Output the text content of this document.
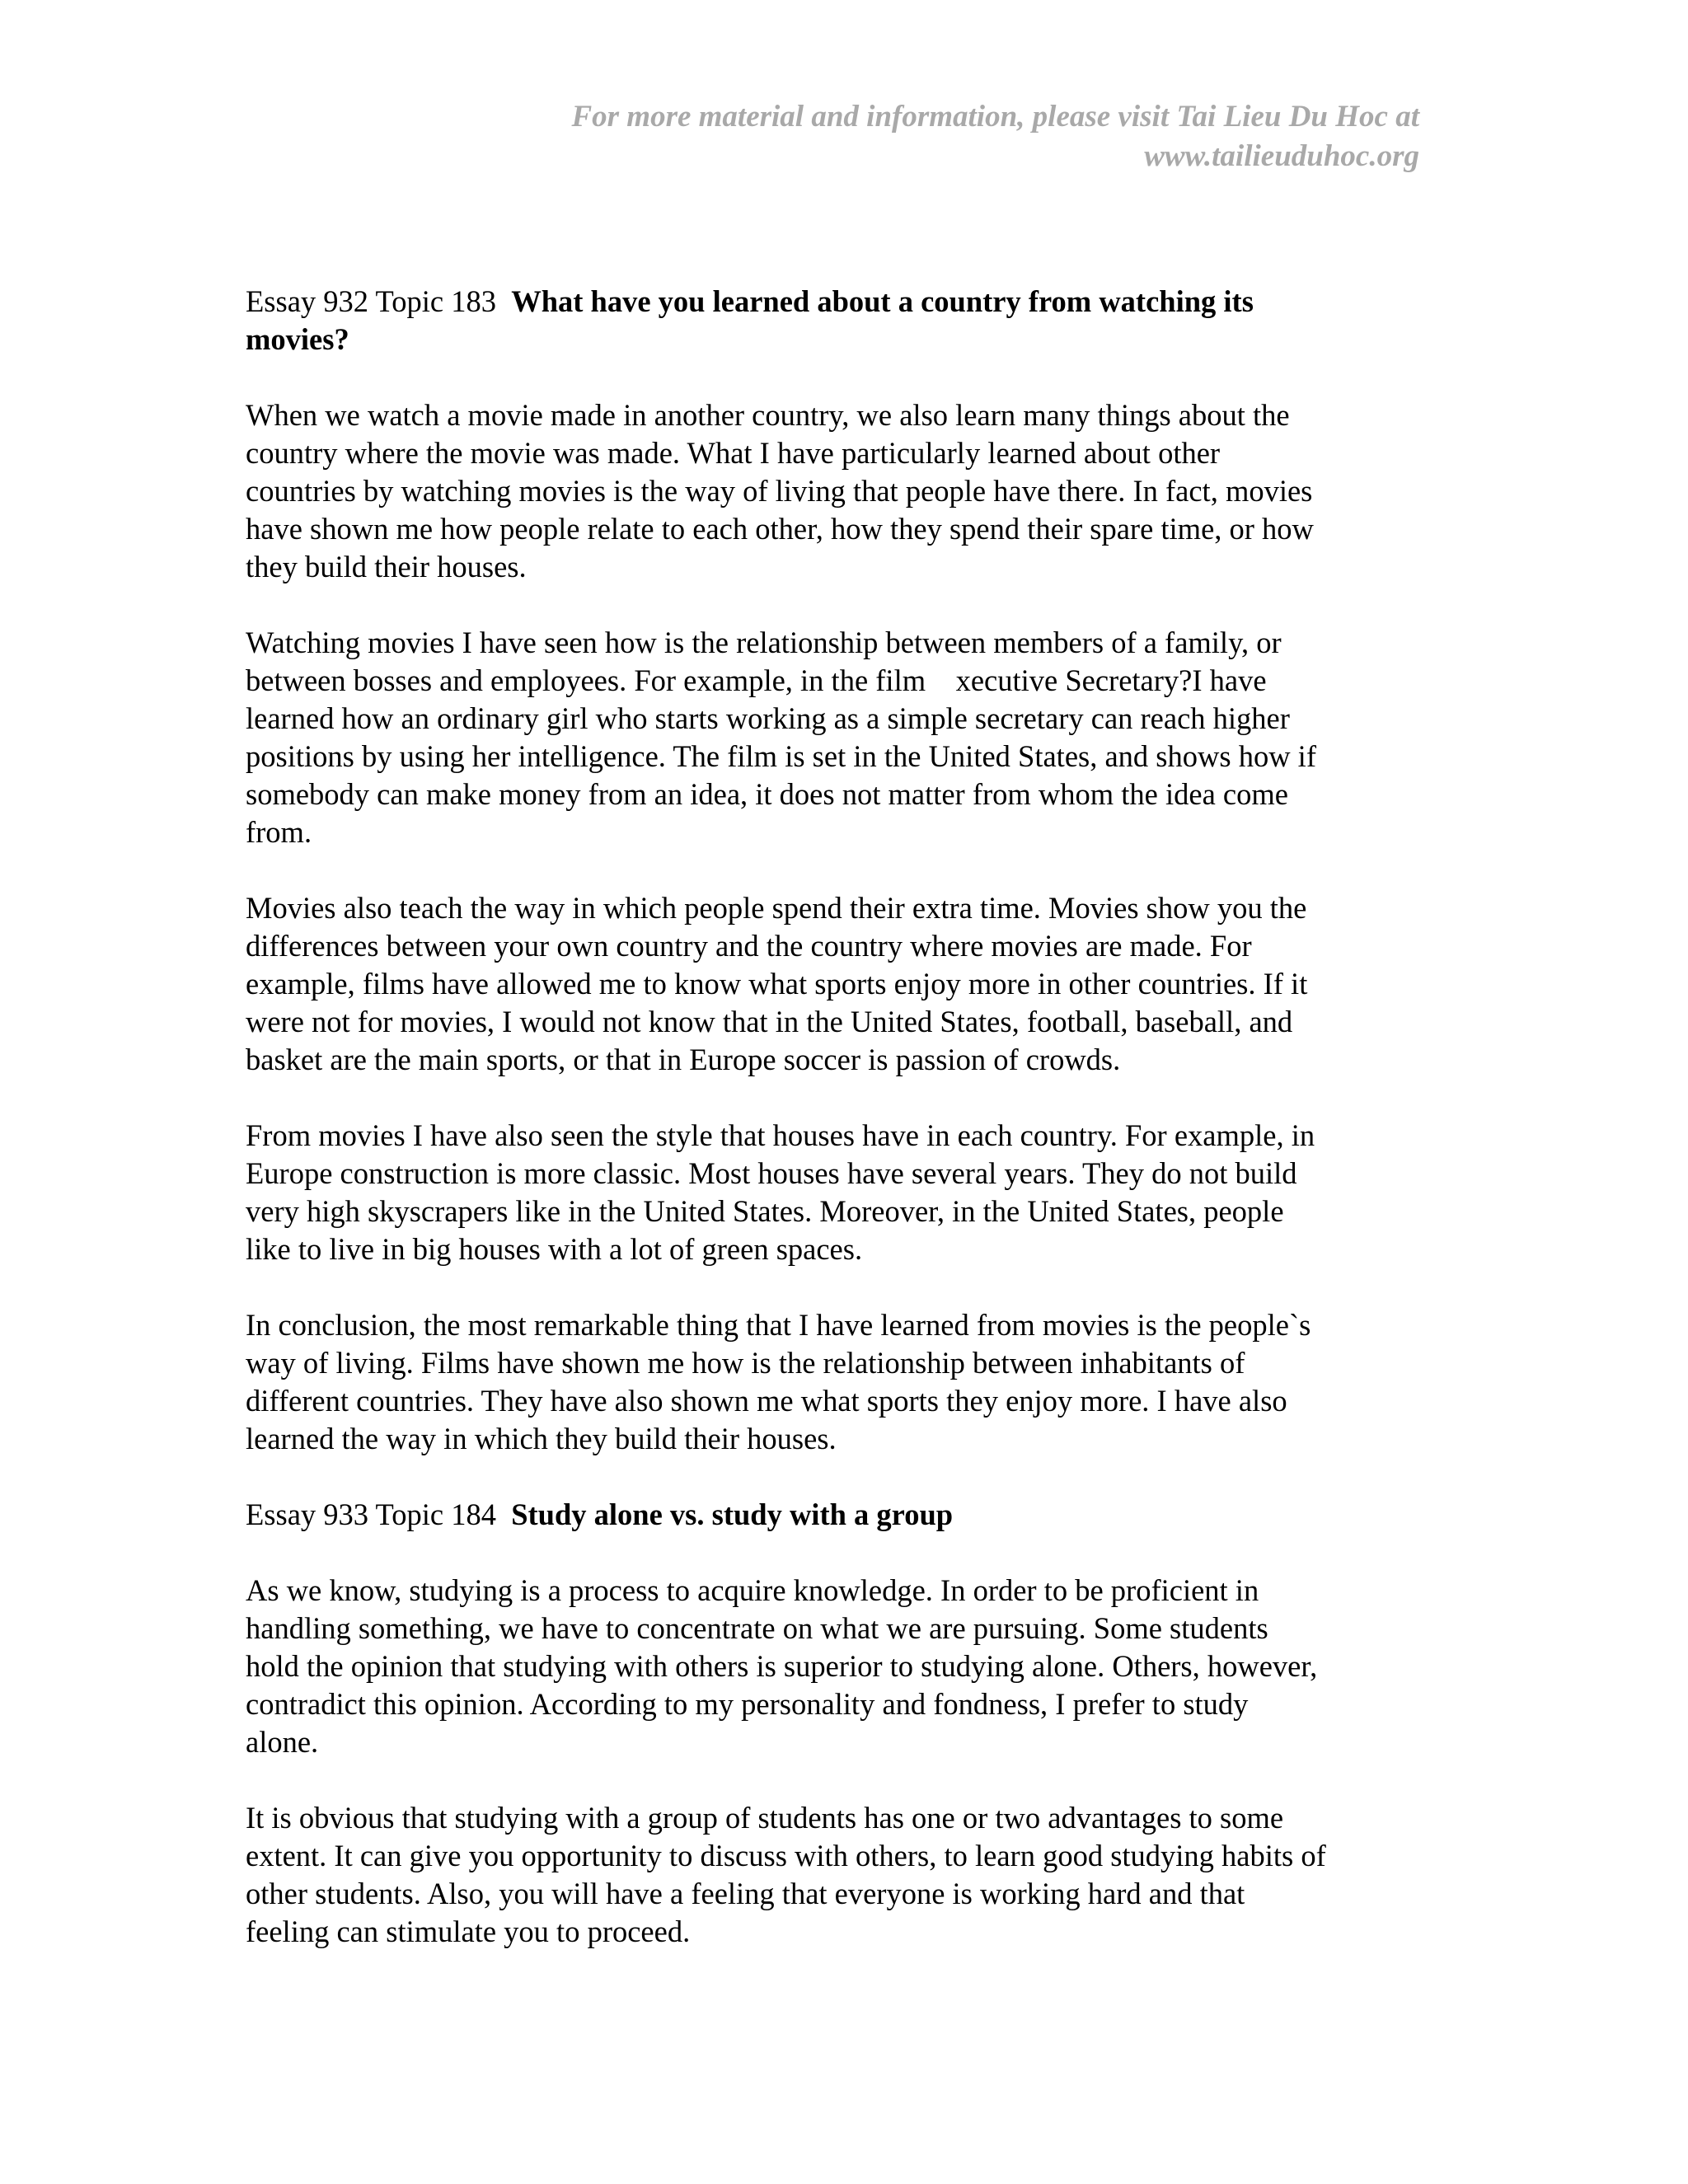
For more material and information, please visit Tai Lieu Du Hoc at
www.tailieuduhoc.org
Essay 932 Topic 183  What have you learned about a country from watching its
movies?
When we watch a movie made in another country, we also learn many things about the
country where the movie was made. What I have particularly learned about other
countries by watching movies is the way of living that people have there. In fact, movies
have shown me how people relate to each other, how they spend their spare time, or how
they build their houses.
Watching movies I have seen how is the relationship between members of a family, or
between bosses and employees. For example, in the film    xecutive Secretary?I have
learned how an ordinary girl who starts working as a simple secretary can reach higher
positions by using her intelligence. The film is set in the United States, and shows how if
somebody can make money from an idea, it does not matter from whom the idea come
from.
Movies also teach the way in which people spend their extra time. Movies show you the
differences between your own country and the country where movies are made. For
example, films have allowed me to know what sports enjoy more in other countries. If it
were not for movies, I would not know that in the United States, football, baseball, and
basket are the main sports, or that in Europe soccer is passion of crowds.
From movies I have also seen the style that houses have in each country. For example, in
Europe construction is more classic. Most houses have several years. They do not build
very high skyscrapers like in the United States. Moreover, in the United States, people
like to live in big houses with a lot of green spaces.
In conclusion, the most remarkable thing that I have learned from movies is the people`s
way of living. Films have shown me how is the relationship between inhabitants of
different countries. They have also shown me what sports they enjoy more. I have also
learned the way in which they build their houses.
Essay 933 Topic 184  Study alone vs. study with a group
As we know, studying is a process to acquire knowledge. In order to be proficient in
handling something, we have to concentrate on what we are pursuing. Some students
hold the opinion that studying with others is superior to studying alone. Others, however,
contradict this opinion. According to my personality and fondness, I prefer to study
alone.
It is obvious that studying with a group of students has one or two advantages to some
extent. It can give you opportunity to discuss with others, to learn good studying habits of
other students. Also, you will have a feeling that everyone is working hard and that
feeling can stimulate you to proceed.
